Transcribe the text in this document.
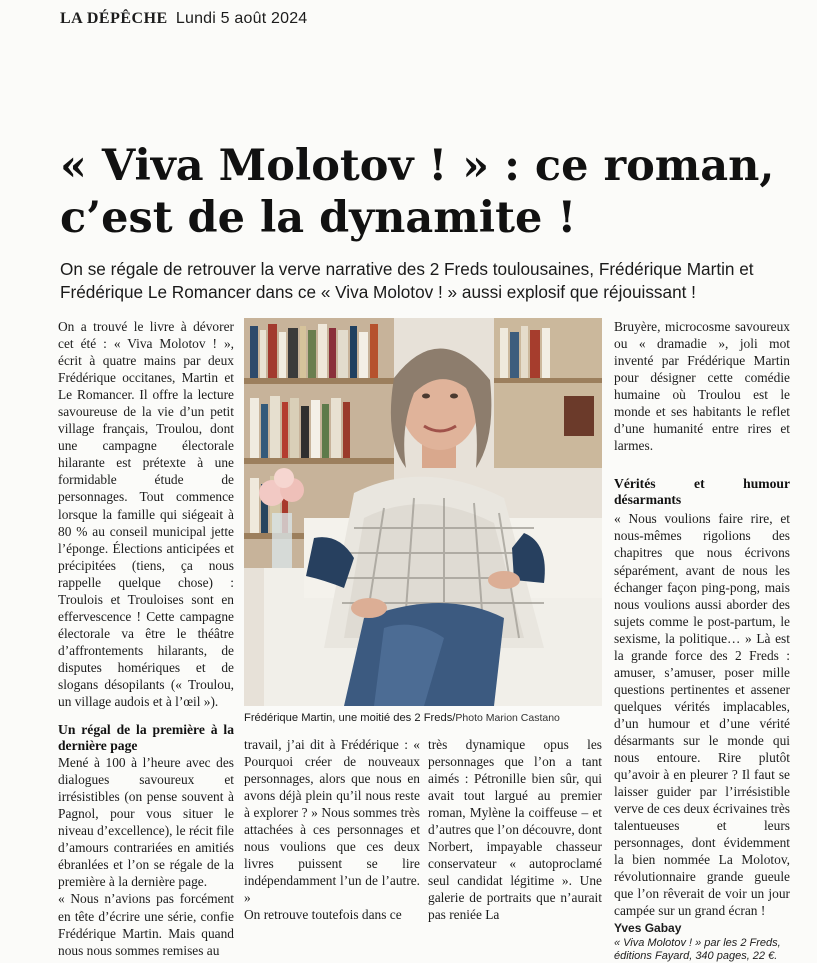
LA DÉPÊCHE Lundi 5 août 2024
« Viva Molotov ! » : ce roman,
c’est de la dynamite !

On se régale de retrouver la verve narrative des 2 Freds toulousaines, Frédérique Martin et Frédérique Le Romancer dans ce « Viva Molotov ! » aussi explosif que réjouissant !

On a trouvé le livre à dévorer cet été : « Viva Molotov ! », écrit à quatre mains par deux Frédérique occitanes, Martin et Le Romancer. Il offre la lecture savoureuse de la vie d’un petit village français, Troulou, dont une campagne électorale hilarante est prétexte à une formidable étude de personnages. Tout commence lorsque la famille qui siégeait à 80 % au conseil municipal jette l’éponge. Élections anticipées et précipitées (tiens, ça nous rappelle quelque chose) : Troulois et Trouloises sont en effervescence ! Cette campagne électorale va être le théâtre d’affrontements hilarants, de disputes homériques et de slogans désopilants (« Troulou, un village audois et à l’œil »).

Un régal de la première à la dernière page

Mené à 100 à l’heure avec des dialogues savoureux et irrésistibles (on pense souvent à Pagnol, pour vous situer le niveau d’excellence), le récit file d’amours contrariées en amitiés ébranlées et l’on se régale de la première à la dernière page.

« Nous n’avions pas forcément en tête d’écrire une série, confie Frédérique Martin. Mais quand nous nous sommes remises au

Frédérique Martin, une moitié des 2 Freds/Photo Marion Castano

travail, j’ai dit à Frédérique : « Pourquoi créer de nouveaux personnages, alors que nous en avons déjà plein qu’il nous reste à explorer ? » Nous sommes très attachées à ces personnages et nous voulions que ces deux livres puissent se lire indépendamment l’un de l’autre. »

On retrouve toutefois dans ce

très dynamique opus les personnages que l’on a tant aimés : Pétronille bien sûr, qui avait tout largué au premier roman, Mylène la coiffeuse – et d’autres que l’on découvre, dont Norbert, impayable chasseur conservateur « autoproclamé seul candidat légitime ». Une galerie de portraits que n’aurait pas reniée La

Bruyère, microcosme savoureux ou « dramadie », joli mot inventé par Frédérique Martin pour désigner cette comédie humaine où Troulou est le monde et ses habitants le reflet d’une humanité entre rires et larmes.

Vérités et humour désarmants

« Nous voulions faire rire, et nous-mêmes rigolions des chapitres que nous écrivons séparément, avant de nous les échanger façon ping-pong, mais nous voulions aussi aborder des sujets comme le post-partum, le sexisme, la politique… » Là est la grande force des 2 Freds : amuser, s’amuser, poser mille questions pertinentes et assener quelques vérités implacables, d’un humour et d’une vérité désarmants sur le monde qui nous entoure. Rire plutôt qu’avoir à en pleurer ? Il faut se laisser guider par l’irrésistible verve de ces deux écrivaines très talentueuses et leurs personnages, dont évidemment la bien nommée La Molotov, révolutionnaire grande gueule que l’on rêverait de voir un jour campée sur un grand écran !

Yves Gabay

« Viva Molotov ! » par les 2 Freds, éditions Fayard, 340 pages, 22 €.
